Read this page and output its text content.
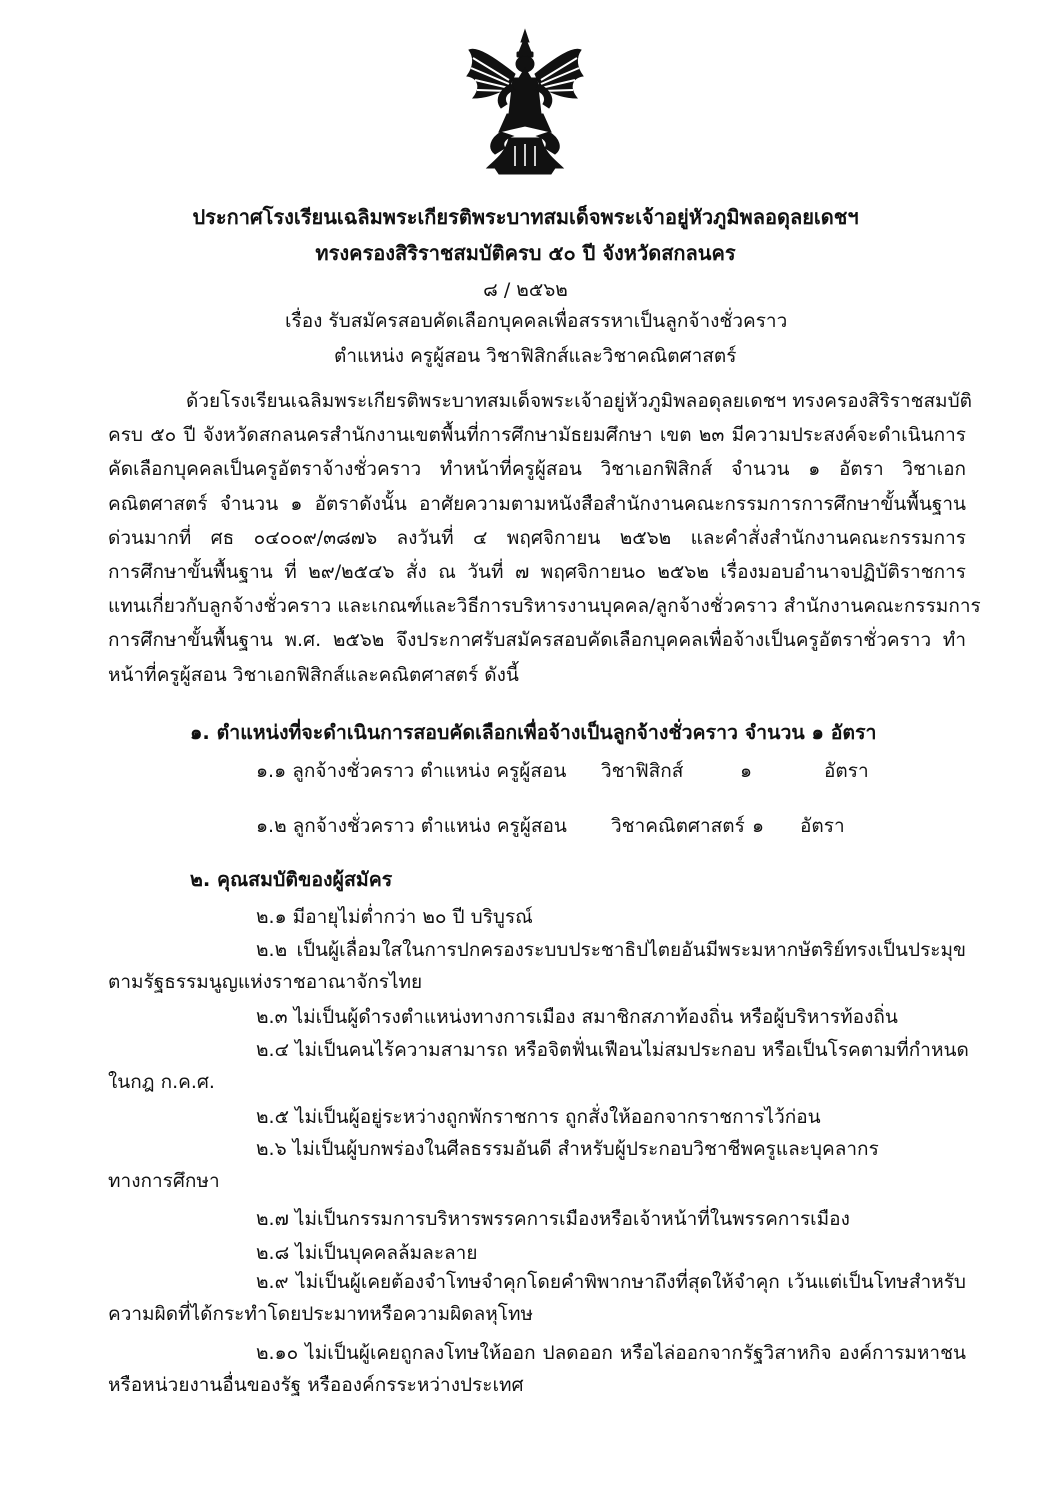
ประกาศโรงเรียนเฉลิมพระเกียรติพระบาทสมเด็จพระเจ้าอยู่หัวภูมิพลอดุลยเดชฯ
ทรงครองสิริราชสมบัติครบ ๕๐ ปี จังหวัดสกลนคร
๘ / ๒๕๖๒
เรื่อง รับสมัครสอบคัดเลือกบุคคลเพื่อสรรหาเป็นลูกจ้างชั่วคราว
ตำแหน่ง ครูผู้สอน วิชาฟิสิกส์และวิชาคณิตศาสตร์
ด้วยโรงเรียนเฉลิมพระเกียรติพระบาทสมเด็จพระเจ้าอยู่หัวภูมิพลอดุลยเดชฯ ทรงครองสิริราชสมบัติ
ครบ ๕๐ ปี จังหวัดสกลนครสำนักงานเขตพื้นที่การศึกษามัธยมศึกษา เขต ๒๓ มีความประสงค์จะดำเนินการ
คัดเลือกบุคคลเป็นครูอัตราจ้างชั่วคราว ทำหน้าที่ครูผู้สอน วิชาเอกฟิสิกส์ จำนวน ๑ อัตรา วิชาเอก
คณิตศาสตร์ จำนวน ๑ อัตราดังนั้น อาศัยความตามหนังสือสำนักงานคณะกรรมการการศึกษาขั้นพื้นฐาน
ด่วนมากที่ ศธ ๐๔๐๐๙/๓๘๗๖ ลงวันที่ ๔ พฤศจิกายน ๒๕๖๒ และคำสั่งสำนักงานคณะกรรมการ
การศึกษาขั้นพื้นฐาน ที่ ๒๙/๒๕๔๖ สั่ง ณ วันที่ ๗ พฤศจิกายน๐ ๒๕๖๒ เรื่องมอบอำนาจปฏิบัติราชการ
แทนเกี่ยวกับลูกจ้างชั่วคราว และเกณฑ์และวิธีการบริหารงานบุคคล/ลูกจ้างชั่วคราว สำนักงานคณะกรรมการ
การศึกษาขั้นพื้นฐาน พ.ศ. ๒๕๖๒ จึงประกาศรับสมัครสอบคัดเลือกบุคคลเพื่อจ้างเป็นครูอัตราชั่วคราว ทำ
หน้าที่ครูผู้สอน วิชาเอกฟิสิกส์และคณิตศาสตร์ ดังนี้
๑. ตำแหน่งที่จะดำเนินการสอบคัดเลือกเพื่อจ้างเป็นลูกจ้างชั่วคราว จำนวน ๑ อัตรา
๑.๑ ลูกจ้างชั่วคราว ตำแหน่ง ครูผู้สอน วิชาฟิสิกส์	๑	อัตรา
๑.๒ ลูกจ้างชั่วคราว ตำแหน่ง ครูผู้สอน วิชาคณิตศาสตร์ ๑ อัตรา
๒. คุณสมบัติของผู้สมัคร
๒.๑ มีอายุไม่ต่ำกว่า ๒๐ ปี บริบูรณ์
๒.๒ เป็นผู้เลื่อมใสในการปกครองระบบประชาธิปไตยอันมีพระมหากษัตริย์ทรงเป็นประมุข
ตามรัฐธรรมนูญแห่งราชอาณาจักรไทย
๒.๓ ไม่เป็นผู้ดำรงตำแหน่งทางการเมือง สมาชิกสภาท้องถิ่น หรือผู้บริหารท้องถิ่น
๒.๔ ไม่เป็นคนไร้ความสามารถ หรือจิตฟั่นเฟือนไม่สมประกอบ หรือเป็นโรคตามที่กำหนด
ในกฎ ก.ค.ศ.
๒.๕ ไม่เป็นผู้อยู่ระหว่างถูกพักราชการ ถูกสั่งให้ออกจากราชการไว้ก่อน
๒.๖ ไม่เป็นผู้บกพร่องในศีลธรรมอันดี สำหรับผู้ประกอบวิชาชีพครูและบุคลากร
ทางการศึกษา
๒.๗ ไม่เป็นกรรมการบริหารพรรคการเมืองหรือเจ้าหน้าที่ในพรรคการเมือง
๒.๘ ไม่เป็นบุคคลล้มละลาย
๒.๙ ไม่เป็นผู้เคยต้องจำโทษจำคุกโดยคำพิพากษาถึงที่สุดให้จำคุก เว้นแต่เป็นโทษสำหรับ
ความผิดที่ได้กระทำโดยประมาทหรือความผิดลหุโทษ
๒.๑๐ ไม่เป็นผู้เคยถูกลงโทษให้ออก ปลดออก หรือไล่ออกจากรัฐวิสาหกิจ องค์การมหาชน
หรือหน่วยงานอื่นของรัฐ หรือองค์กรระหว่างประเทศ
